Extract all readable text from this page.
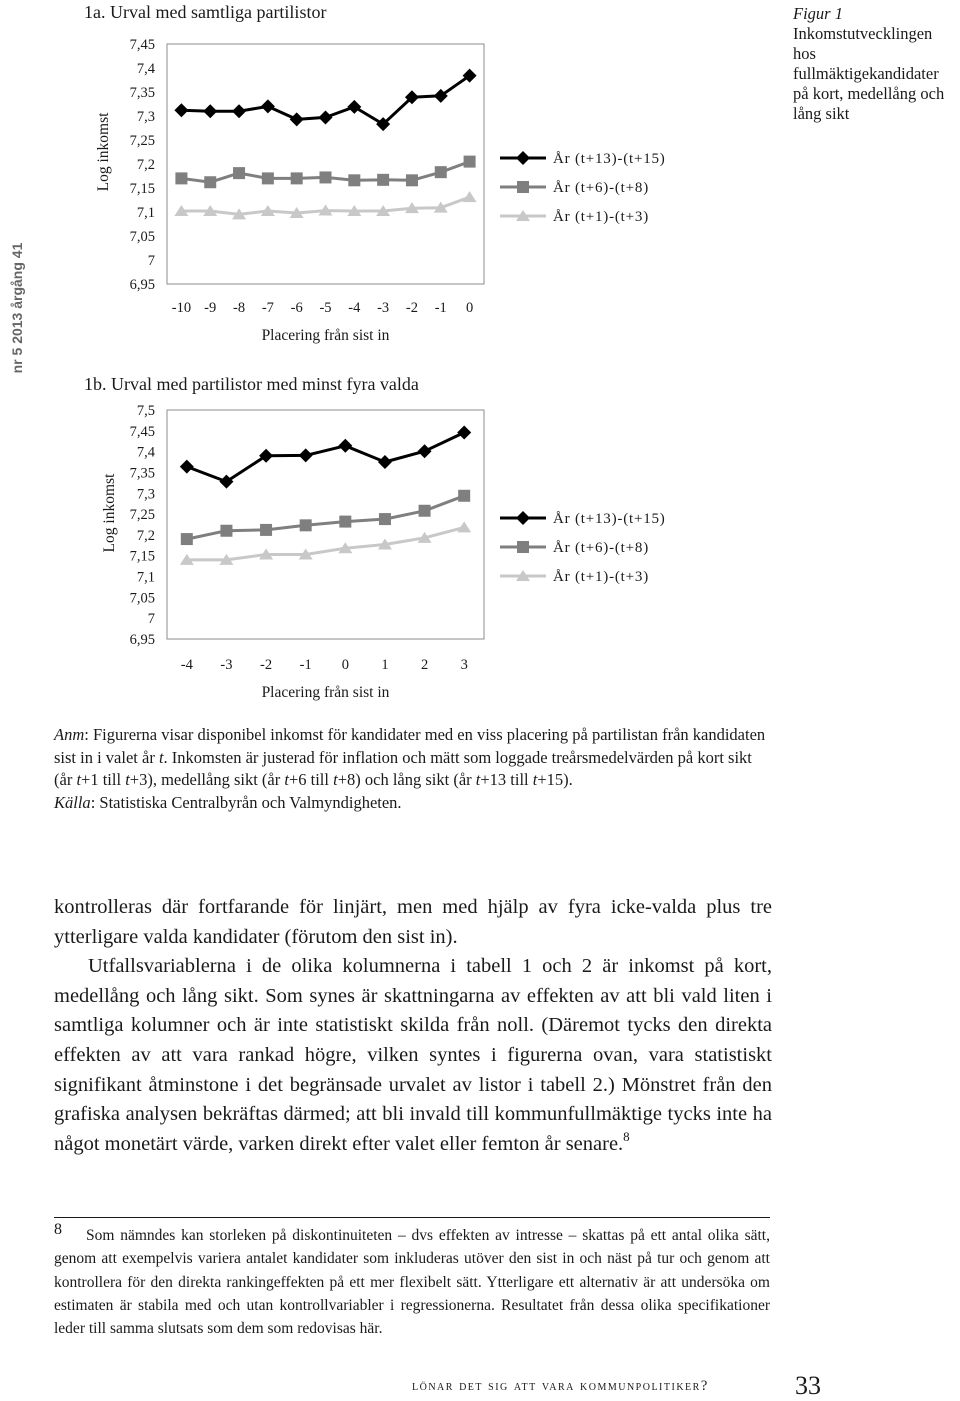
nr 5 2013 årgång 41
1a. Urval med samtliga partilistor
7,45
7,4
7,35
7,3
7,25
7,2
7,15
7,1
7,05
7
6,95
Log inkomst
-10 -9 -8 -7 -6 -5 -4 -3 -2 -1 0
Placering från sist in
År (t+13)-(t+15)
År (t+6)-(t+8)
År (t+1)-(t+3)
1b. Urval med partilistor med minst fyra valda
7,5
7,45
7,4
7,35
7,3
7,25
7,2
7,15
7,1
7,05
7
6,95
Log inkomst
-4 -3 -2 -1 0 1 2 3
Placering från sist in
År (t+13)-(t+15)
År (t+6)-(t+8)
År (t+1)-(t+3)
Figur 1
Inkomstutvecklingen hos fullmäktigekandidater på kort, medellång och lång sikt

Anm: Figurerna visar disponibel inkomst för kandidater med en viss placering på partilistan från kandidaten sist in i valet år t. Inkomsten är justerad för inflation och mätt som loggade treårsmedelvärden på kort sikt (år t+1 till t+3), medellång sikt (år t+6 till t+8) och lång sikt (år t+13 till t+15).

Källa: Statistiska Centralbyrån och Valmyndigheten.

kontrolleras där fortfarande för linjärt, men med hjälp av fyra icke-valda plus tre ytterligare valda kandidater (förutom den sist in).

Utfallsvariablerna i de olika kolumnerna i tabell 1 och 2 är inkomst på kort, medellång och lång sikt. Som synes är skattningarna av effekten av att bli vald liten i samtliga kolumner och är inte statistiskt skilda från noll. (Däremot tycks den direkta effekten av att vara rankad högre, vilken syntes i figurerna ovan, vara statistiskt signifikant åtminstone i det begränsade urvalet av listor i tabell 2.) Mönstret från den grafiska analysen bekräftas därmed; att bli invald till kommunfullmäktige tycks inte ha något monetärt värde, varken direkt efter valet eller femton år senare.$^8$

8 Som nämndes kan storleken på diskontinuiteten – dvs effekten av intresse – skattas på ett antal olika sätt, genom att exempelvis variera antalet kandidater som inkluderas utöver den sist in och näst på tur och genom att kontrollera för den direkta rankingeffekten på ett mer flexibelt sätt. Ytterligare ett alternativ är att undersöka om estimaten är stabila med och utan kontrollvariabler i regressionerna. Resultatet från dessa olika specifikationer leder till samma slutsats som dem som redovisas här.

lönar det sig att vara kommunpolitiker?	33
